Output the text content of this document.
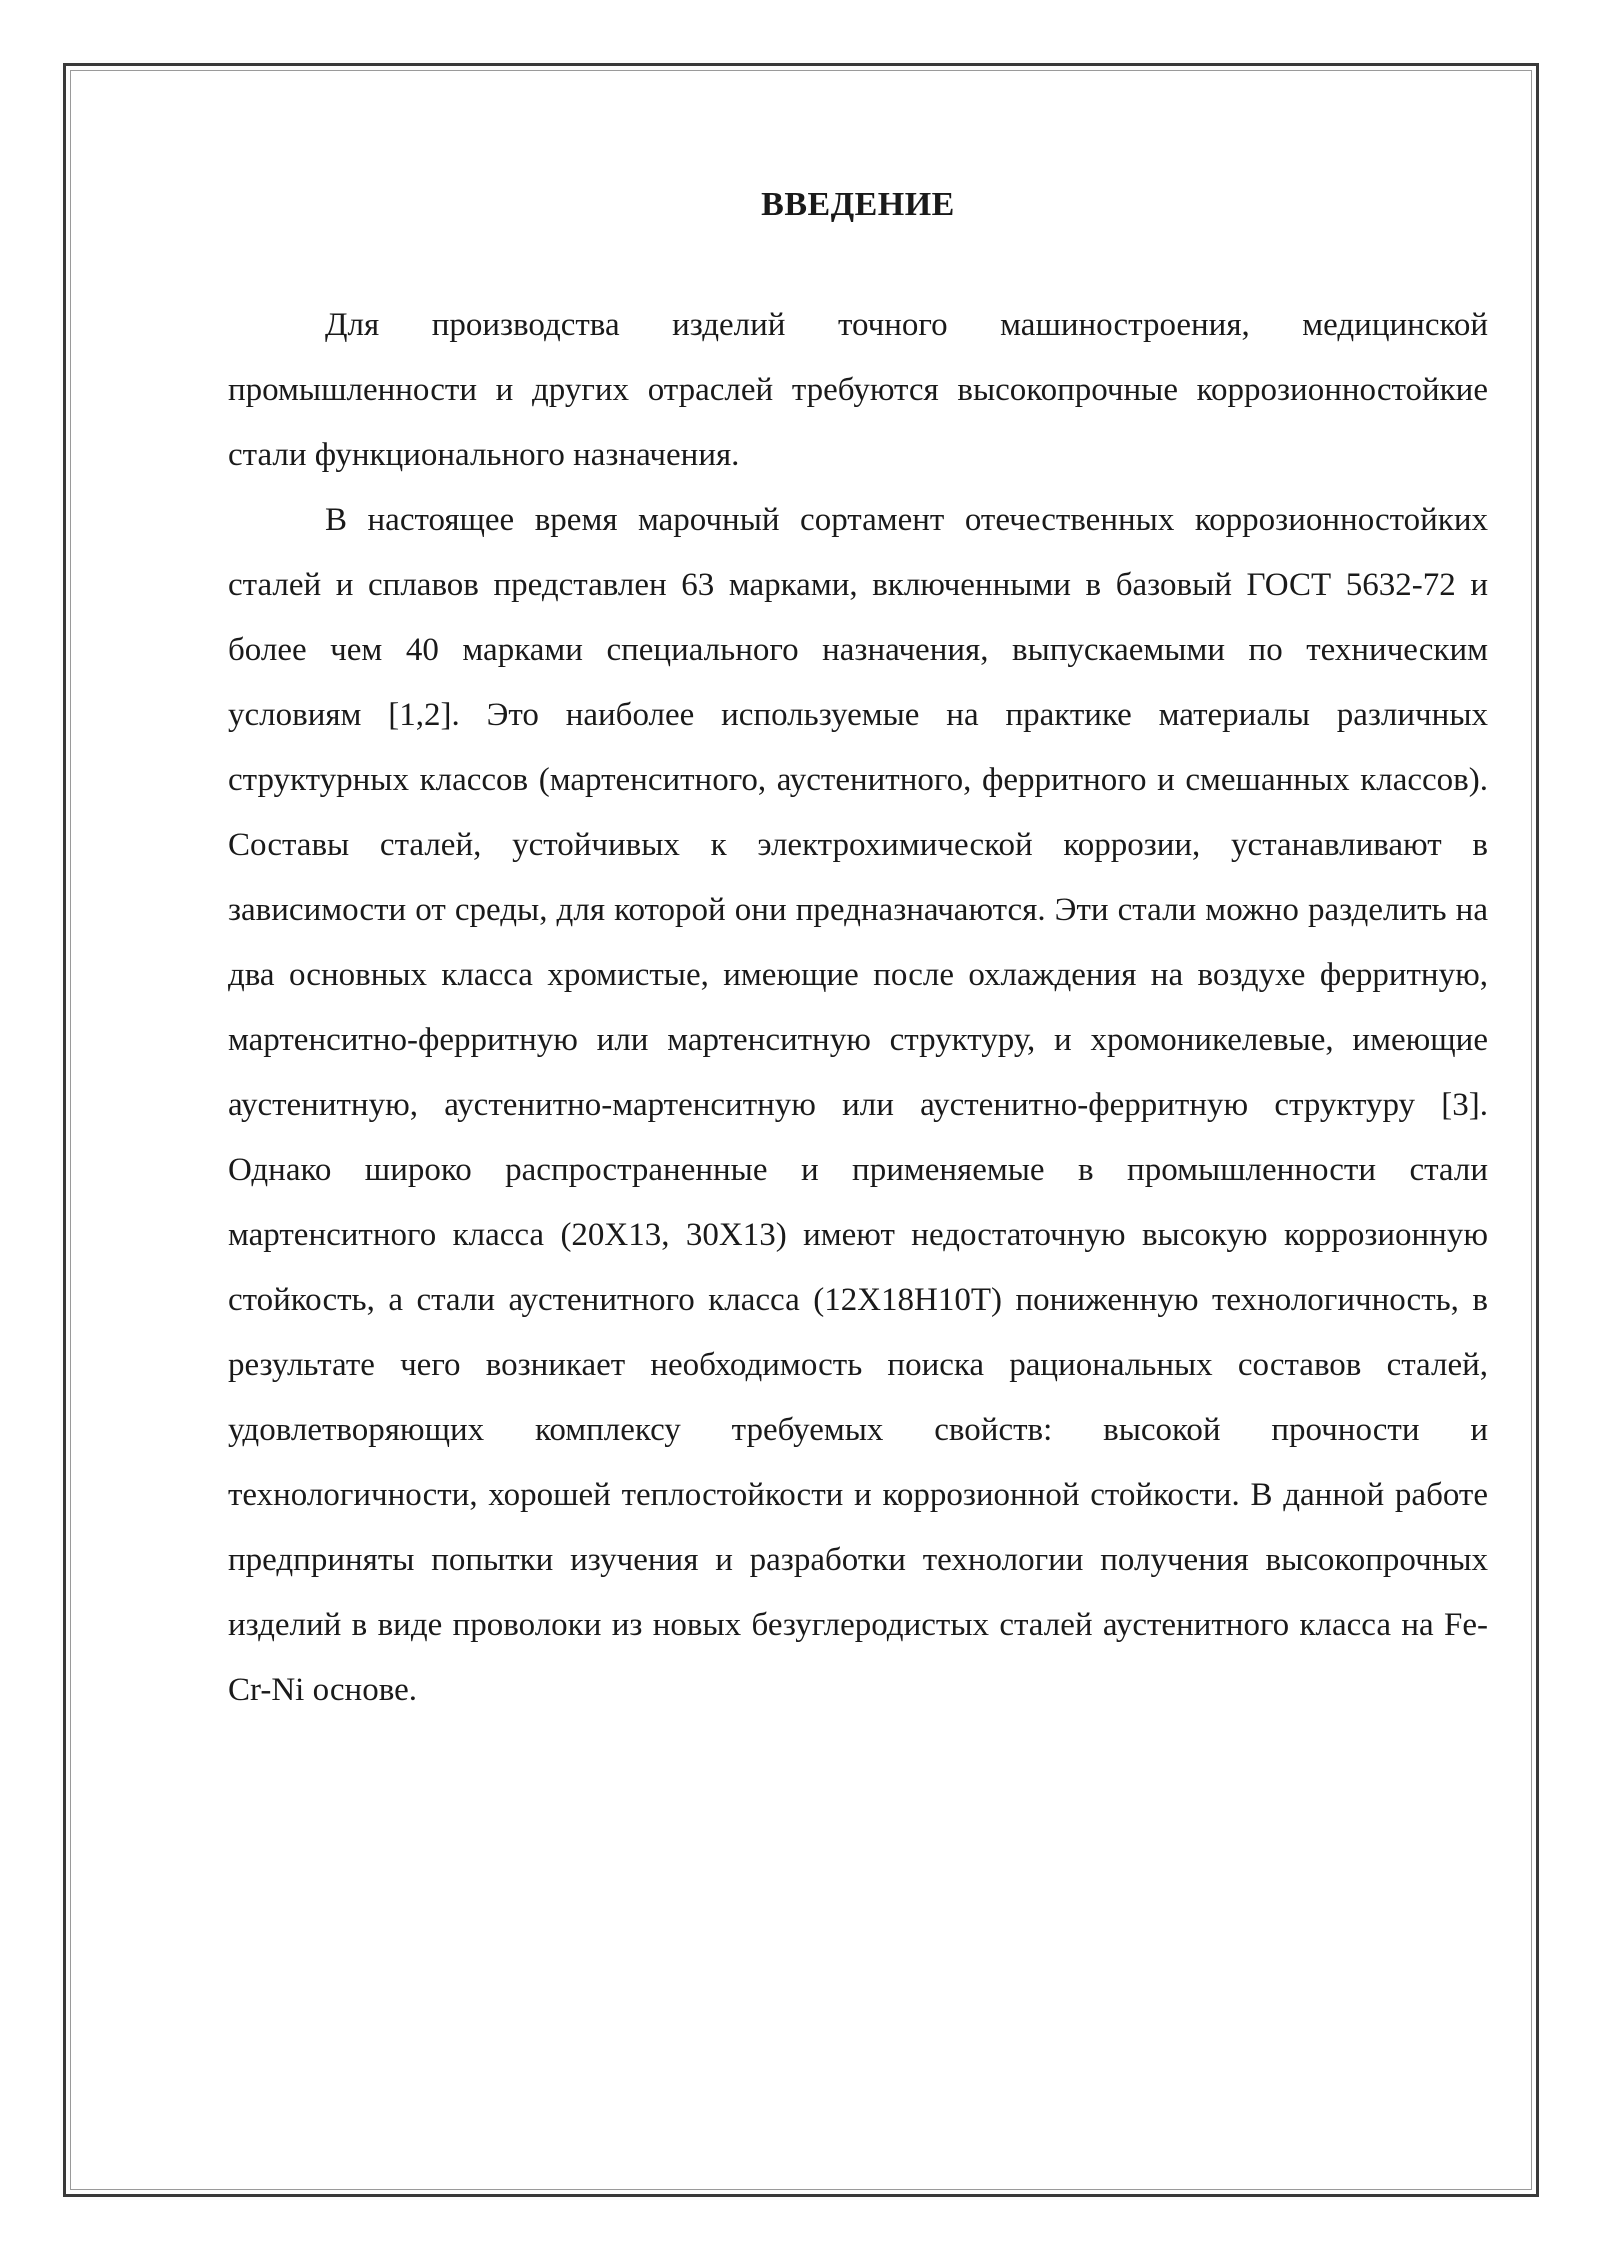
ВВЕДЕНИЕ

Для производства изделий точного машиностроения, медицинской промышленности и других отраслей требуются высокопрочные коррозионностойкие стали функционального назначения.

В настоящее время марочный сортамент отечественных коррозионностойких сталей и сплавов представлен 63 марками, включенными в базовый ГОСТ 5632-72 и более чем 40 марками специального назначения, выпускаемыми по техническим условиям [1,2]. Это наиболее используемые на практике материалы различных структурных классов (мартенситного, аустенитного, ферритного и смешанных классов). Составы сталей, устойчивых к электрохимической коррозии, устанавливают в зависимости от среды, для которой они предназначаются. Эти стали можно разделить на два основных класса хромистые, имеющие после охлаждения на воздухе ферритную, мартенситно-ферритную или мартенситную структуру, и хромоникелевые, имеющие аустенитную, аустенитно-мартенситную или аустенитно-ферритную структуру [3]. Однако широко распространенные и применяемые в промышленности стали мартенситного класса (20Х13, 30Х13) имеют недостаточную высокую коррозионную стойкость, а стали аустенитного класса (12Х18Н10Т) пониженную технологичность, в результате чего возникает необходимость поиска рациональных составов сталей, удовлетворяющих комплексу требуемых свойств: высокой прочности и технологичности, хорошей теплостойкости и коррозионной стойкости. В данной работе предприняты попытки изучения и разработки технологии получения высокопрочных изделий в виде проволоки из новых безуглеродистых сталей аустенитного класса на Fe-Cr-Ni основе.
